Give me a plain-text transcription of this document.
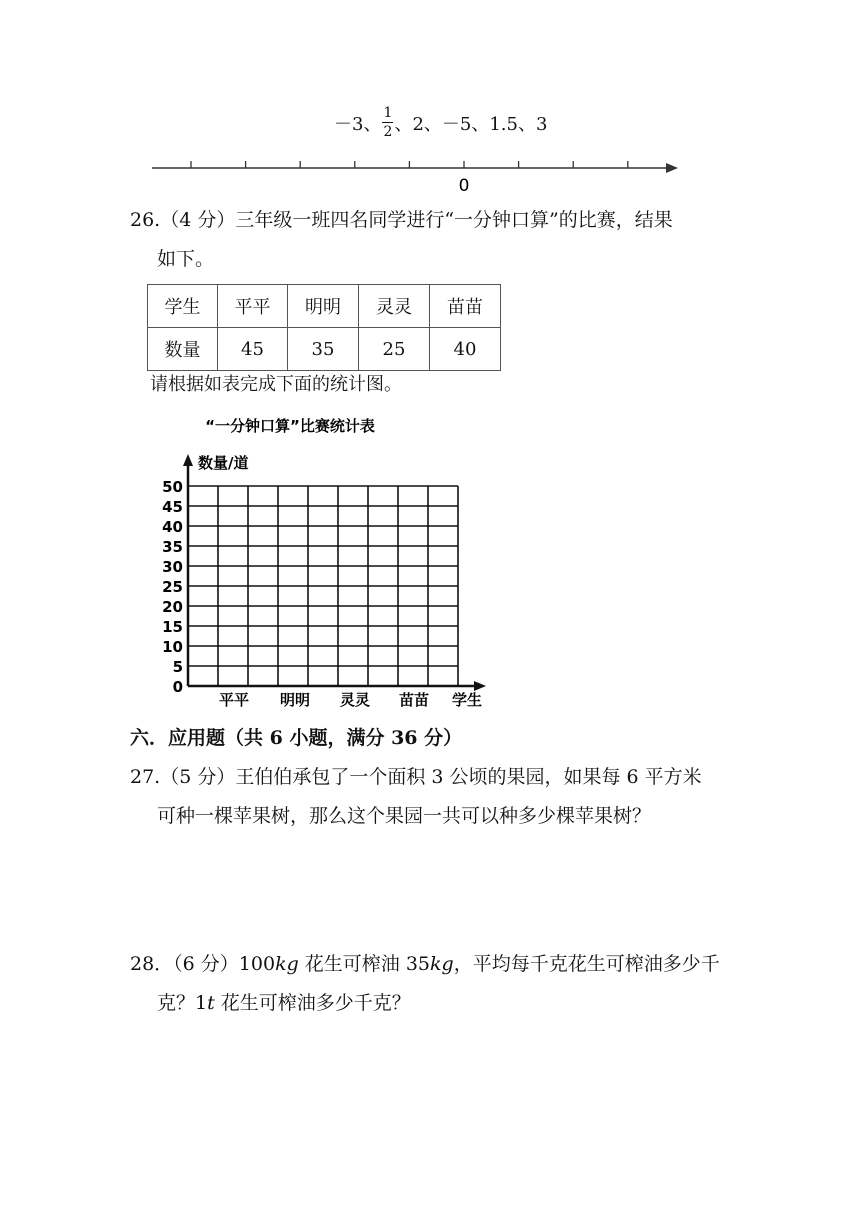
－3、 $\frac{1}{2}$ 、2、 －5、1.5、3
0
26.（4 分）三年级一班四名同学进行“一分钟口算”的比赛，结果
如下。
学生	平平	明明	灵灵	苗苗
数量	45	35	25	40
请根据如表完成下面的统计图。
“一分钟口算”比赛统计表
数量/道
0
5
10
15
20
25
30
35
40
45
50
平平 明明 灵灵 苗苗 学生
六．应用题（共 6 小题，满分 36 分）
27.（5 分）王伯伯承包了一个面积 3 公顷的果园，如果每 6 平方米
可种一棵苹果树，那么这个果园一共可以种多少棵苹果树？
28．（6 分）100kg 花生可榨油 35kg，平均每千克花生可榨油多少千
克？1t 花生可榨油多少千克？
